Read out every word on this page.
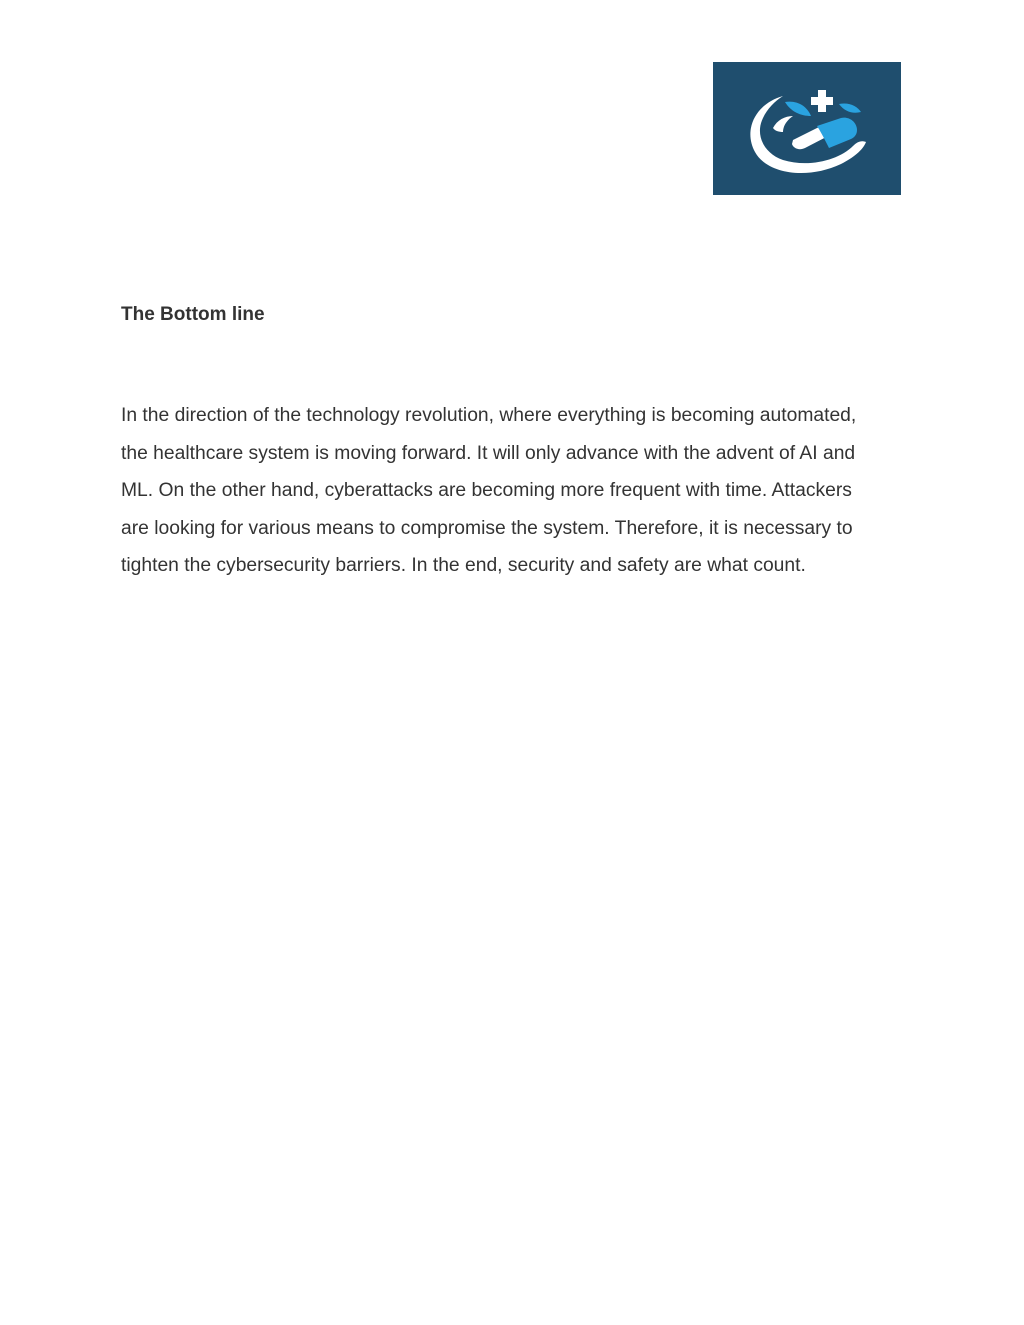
The Bottom line

In the direction of the technology revolution, where everything is becoming automated,
the healthcare system is moving forward. It will only advance with the advent of AI and
ML. On the other hand, cyberattacks are becoming more frequent with time. Attackers
are looking for various means to compromise the system. Therefore, it is necessary to
tighten the cybersecurity barriers. In the end, security and safety are what count.
